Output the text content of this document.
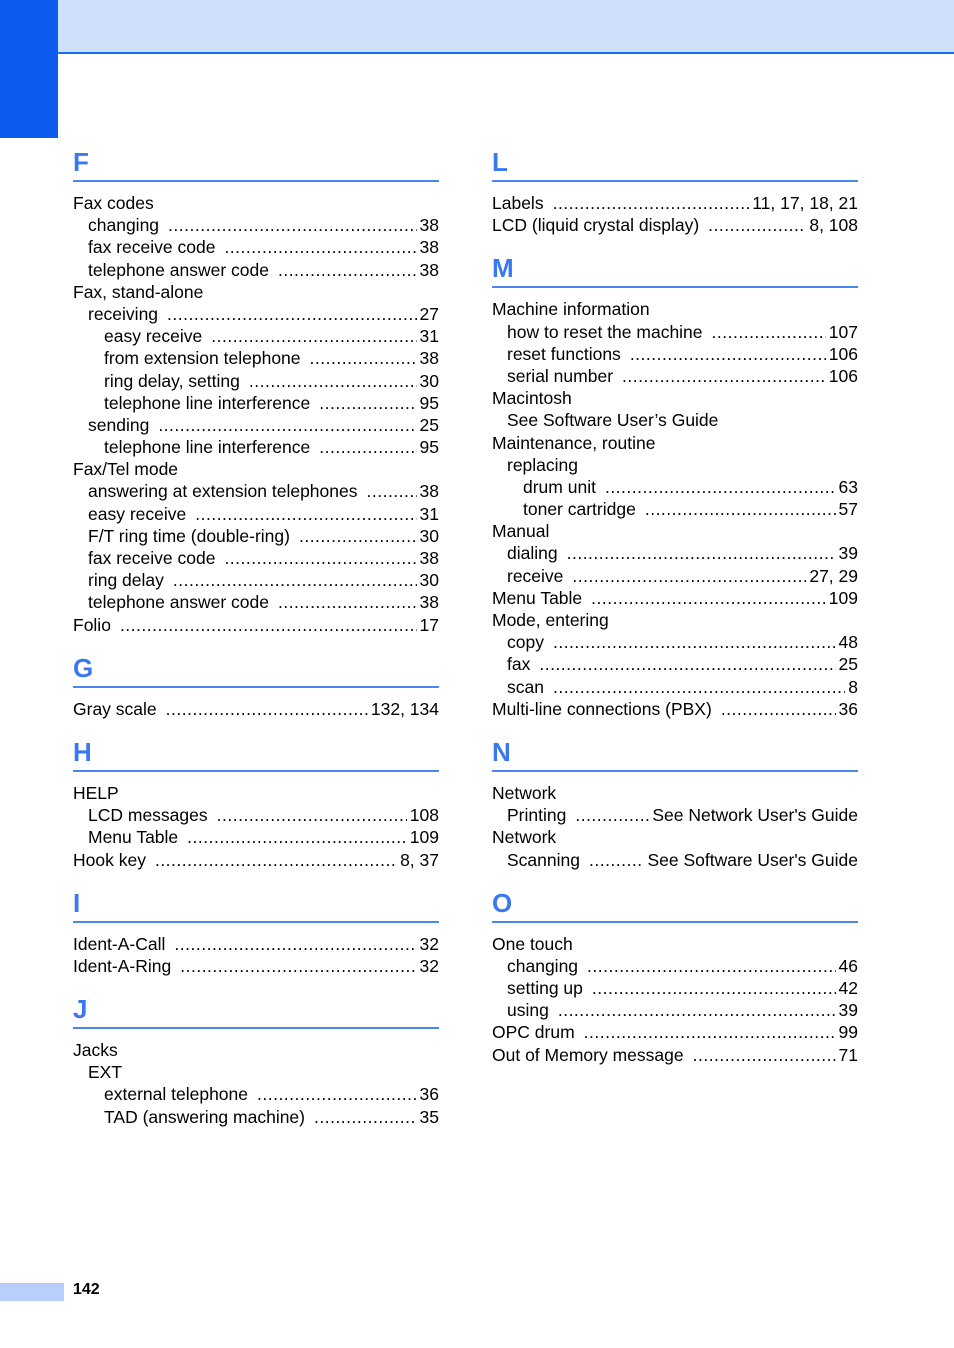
F
Fax codes
changing .....	38
fax receive code .....	38
telephone answer code .....	38
Fax, stand-alone
receiving .....	27
easy receive .....	31
from extension telephone .....	38
ring delay, setting .....	30
telephone line interference .....	95
sending .....	25
telephone line interference .....	95
Fax/Tel mode
answering at extension telephones .....	38
easy receive .....	31
F/T ring time (double-ring) .....	30
fax receive code .....	38
ring delay .....	30
telephone answer code .....	38
Folio .....	17
G
Gray scale .....	132, 134
H
HELP
LCD messages .....	108
Menu Table .....	109
Hook key .....	8, 37
I
Ident-A-Call .....	32
Ident-A-Ring .....	32
J
Jacks
EXT
external telephone .....	36
TAD (answering machine) .....	35
L
Labels .....	11, 17, 18, 21
LCD (liquid crystal display) .....	8, 108
M
Machine information
how to reset the machine .....	107
reset functions .....	106
serial number .....	106
Macintosh
See Software User’s Guide
Maintenance, routine
replacing
drum unit .....	63
toner cartridge .....	57
Manual
dialing .....	39
receive .....	27, 29
Menu Table .....	109
Mode, entering
copy .....	48
fax .....	25
scan .....	8
Multi-line connections (PBX) .....	36
N
Network
Printing .....	See Network User's Guide
Network
Scanning .....	See Software User's Guide
O
One touch
changing .....	46
setting up .....	42
using .....	39
OPC drum .....	99
Out of Memory message .....	71
142
